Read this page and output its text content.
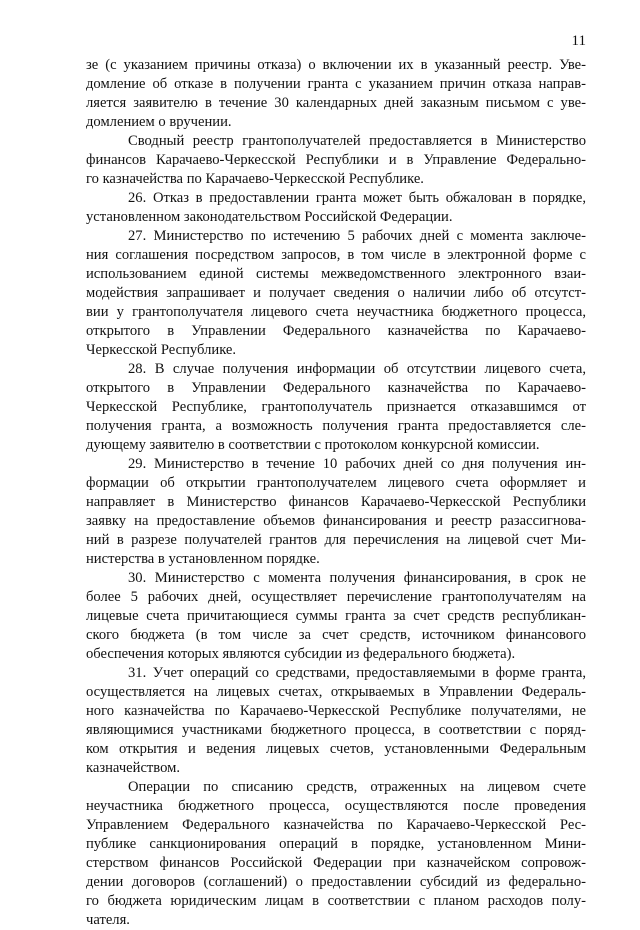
11
зе (с указанием причины отказа) о включении их в указанный реестр. Уве-
домление об отказе в получении гранта с указанием причин отказа направ-
ляется заявителю в течение 30 календарных дней заказным письмом с уве-
домлением о вручении.
Сводный реестр грантополучателей предоставляется в Министерство
финансов Карачаево-Черкесской Республики и в Управление Федерально-
го казначейства по Карачаево-Черкесской Республике.
26. Отказ в предоставлении гранта может быть обжалован в порядке,
установленном законодательством Российской Федерации.
27. Министерство по истечению 5 рабочих дней с момента заключе-
ния соглашения посредством запросов, в том числе в электронной форме с
использованием единой системы межведомственного электронного взаи-
модействия запрашивает и получает сведения о наличии либо об отсутст-
вии у грантополучателя лицевого счета неучастника бюджетного процесса,
открытого в Управлении Федерального казначейства по Карачаево-
Черкесской Республике.
28. В случае получения информации об отсутствии лицевого счета,
открытого в Управлении Федерального казначейства по Карачаево-
Черкесской Республике, грантополучатель признается отказавшимся от
получения гранта, а возможность получения гранта предоставляется сле-
дующему заявителю в соответствии с протоколом конкурсной комиссии.
29. Министерство в течение 10 рабочих дней со дня получения ин-
формации об открытии грантополучателем лицевого счета оформляет и
направляет в Министерство финансов Карачаево-Черкесской Республики
заявку на предоставление объемов финансирования и реестр разассигнова-
ний в разрезе получателей грантов для перечисления на лицевой счет Ми-
нистерства в установленном порядке.
30. Министерство с момента получения финансирования, в срок не
более 5 рабочих дней, осуществляет перечисление грантополучателям на
лицевые счета причитающиеся суммы гранта за счет средств республикан-
ского бюджета (в том числе за счет средств, источником финансового
обеспечения которых являются субсидии из федерального бюджета).
31. Учет операций со средствами, предоставляемыми в форме гранта,
осуществляется на лицевых счетах, открываемых в Управлении Федераль-
ного казначейства по Карачаево-Черкесской Республике получателями, не
являющимися участниками бюджетного процесса, в соответствии с поряд-
ком открытия и ведения лицевых счетов, установленными Федеральным
казначейством.
Операции по списанию средств, отраженных на лицевом счете
неучастника бюджетного процесса, осуществляются после проведения
Управлением Федерального казначейства по Карачаево-Черкесской Рес-
публике санкционирования операций в порядке, установленном Мини-
стерством финансов Российской Федерации при казначейском сопровож-
дении договоров (соглашений) о предоставлении субсидий из федерально-
го бюджета юридическим лицам в соответствии с планом расходов полу-
чателя.
